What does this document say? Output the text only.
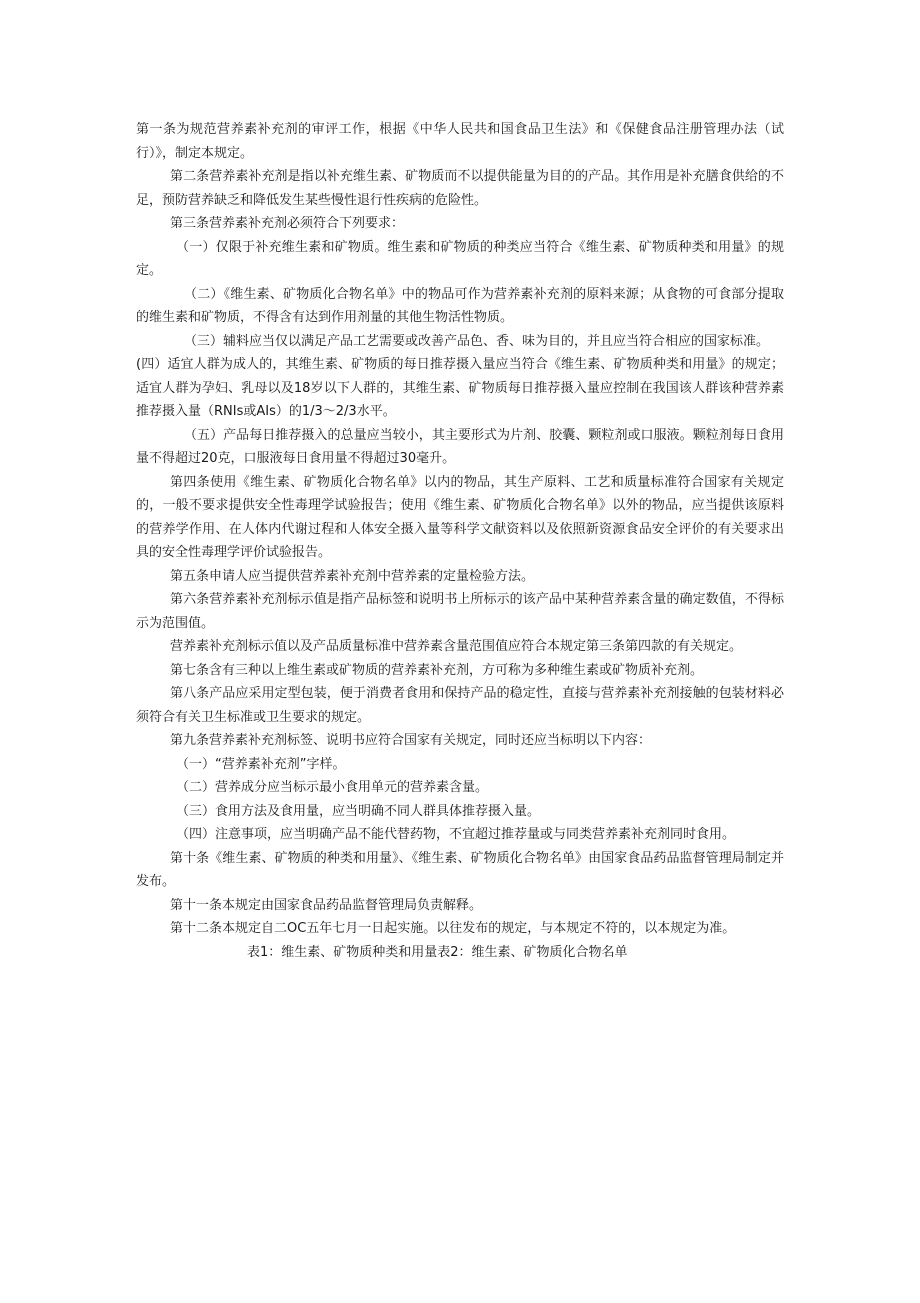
第一条为规范营养素补充剂的审评工作，根据《中华人民共和国食品卫生法》和《保健食品注册管理办法（试行）》，制定本规定。

第二条营养素补充剂是指以补充维生素、矿物质而不以提供能量为目的的产品。其作用是补充膳食供给的不足，预防营养缺乏和降低发生某些慢性退行性疾病的危险性。

第三条营养素补充剂必须符合下列要求：

（一）仅限于补充维生素和矿物质。维生素和矿物质的种类应当符合《维生素、矿物质种类和用量》的规定。

（二）《维生素、矿物质化合物名单》中的物品可作为营养素补充剂的原料来源；从食物的可食部分提取的维生素和矿物质，不得含有达到作用剂量的其他生物活性物质。

（三）辅料应当仅以满足产品工艺需要或改善产品色、香、味为目的，并且应当符合相应的国家标准。

(四）适宜人群为成人的，其维生素、矿物质的每日推荐摄入量应当符合《维生素、矿物质种类和用量》的规定；适宜人群为孕妇、乳母以及18岁以下人群的，其维生素、矿物质每日推荐摄入量应控制在我国该人群该种营养素推荐摄入量（RNIs或AIs）的1/3～2/3水平。

（五）产品每日推荐摄入的总量应当较小，其主要形式为片剂、胶囊、颗粒剂或口服液。颗粒剂每日食用量不得超过20克，口服液每日食用量不得超过30毫升。

第四条使用《维生素、矿物质化合物名单》以内的物品，其生产原料、工艺和质量标准符合国家有关规定的，一般不要求提供安全性毒理学试验报告；使用《维生素、矿物质化合物名单》以外的物品，应当提供该原料的营养学作用、在人体内代谢过程和人体安全摄入量等科学文献资料以及依照新资源食品安全评价的有关要求出具的安全性毒理学评价试验报告。

第五条申请人应当提供营养素补充剂中营养素的定量检验方法。

第六条营养素补充剂标示值是指产品标签和说明书上所标示的该产品中某种营养素含量的确定数值，不得标示为范围值。

营养素补充剂标示值以及产品质量标准中营养素含量范围值应符合本规定第三条第四款的有关规定。

第七条含有三种以上维生素或矿物质的营养素补充剂，方可称为多种维生素或矿物质补充剂。

第八条产品应采用定型包装，便于消费者食用和保持产品的稳定性，直接与营养素补充剂接触的包装材料必须符合有关卫生标准或卫生要求的规定。

第九条营养素补充剂标签、说明书应符合国家有关规定，同时还应当标明以下内容：

（一）“营养素补充剂”字样。

（二）营养成分应当标示最小食用单元的营养素含量。

（三）食用方法及食用量，应当明确不同人群具体推荐摄入量。

（四）注意事项，应当明确产品不能代替药物，不宜超过推荐量或与同类营养素补充剂同时食用。

第十条《维生素、矿物质的种类和用量》、《维生素、矿物质化合物名单》由国家食品药品监督管理局制定并发布。

第十一条本规定由国家食品药品监督管理局负责解释。

第十二条本规定自二OC五年七月一日起实施。以往发布的规定，与本规定不符的，以本规定为准。

表1：维生素、矿物质种类和用量表2：维生素、矿物质化合物名单
